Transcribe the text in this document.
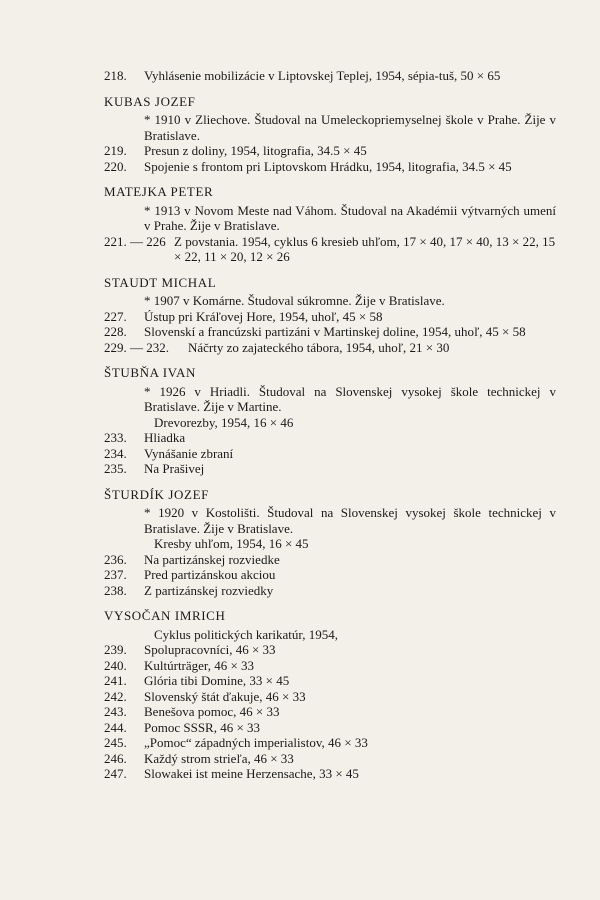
218.	Vyhlásenie mobilizácie v Liptovskej Teplej, 1954, sépia-tuš, 50 × 65
KUBAS JOZEF
* 1910 v Zliechove. Študoval na Umeleckopriemyselnej škole v Prahe. Žije v Bratislave.
219.	Presun z doliny, 1954, litografia, 34.5 × 45
220.	Spojenie s frontom pri Liptovskom Hrádku, 1954, litografia, 34.5 × 45
MATEJKA PETER
* 1913 v Novom Meste nad Váhom. Študoval na Akadémii výtvarných umení v Prahe. Žije v Bratislave.
221. — 226 Z povstania. 1954, cyklus 6 kresieb uhľom, 17 × 40, 17 × 40, 13 × 22, 15 × 22, 11 × 20, 12 × 26
STAUDT MICHAL
* 1907 v Komárne. Študoval súkromne. Žije v Bratislave.
227.	Ústup pri Kráľovej Hore, 1954, uhoľ, 45 × 58
228.	Slovenskí a francúzski partizáni v Martinskej doline, 1954, uhoľ, 45 × 58
229. — 232.	Náčrty zo zajateckého tábora, 1954, uhoľ, 21 × 30
ŠTUBŇA IVAN
* 1926 v Hriadli. Študoval na Slovenskej vysokej škole technickej v Bratislave. Žije v Martine.
Drevorezby, 1954, 16 × 46
233.	Hliadka
234.	Vynášanie zbraní
235.	Na Prašivej
ŠTURDÍK JOZEF
* 1920 v Kostolišti. Študoval na Slovenskej vysokej škole technickej v Bratislave. Žije v Bratislave.
Kresby uhľom, 1954, 16 × 45
236.	Na partizánskej rozviedke
237.	Pred partizánskou akciou
238.	Z partizánskej rozviedky
VYSOČAN IMRICH
Cyklus politických karikatúr, 1954,
239.	Spolupracovníci, 46 × 33
240.	Kultúrträger, 46 × 33
241.	Glória tibi Domine, 33 × 45
242.	Slovenský štát ďakuje, 46 × 33
243.	Benešova pomoc, 46 × 33
244.	Pomoc SSSR, 46 × 33
245.	„Pomoc“ západných imperialistov, 46 × 33
246.	Každý strom strieľa, 46 × 33
247.	Slowakei ist meine Herzensache, 33 × 45
